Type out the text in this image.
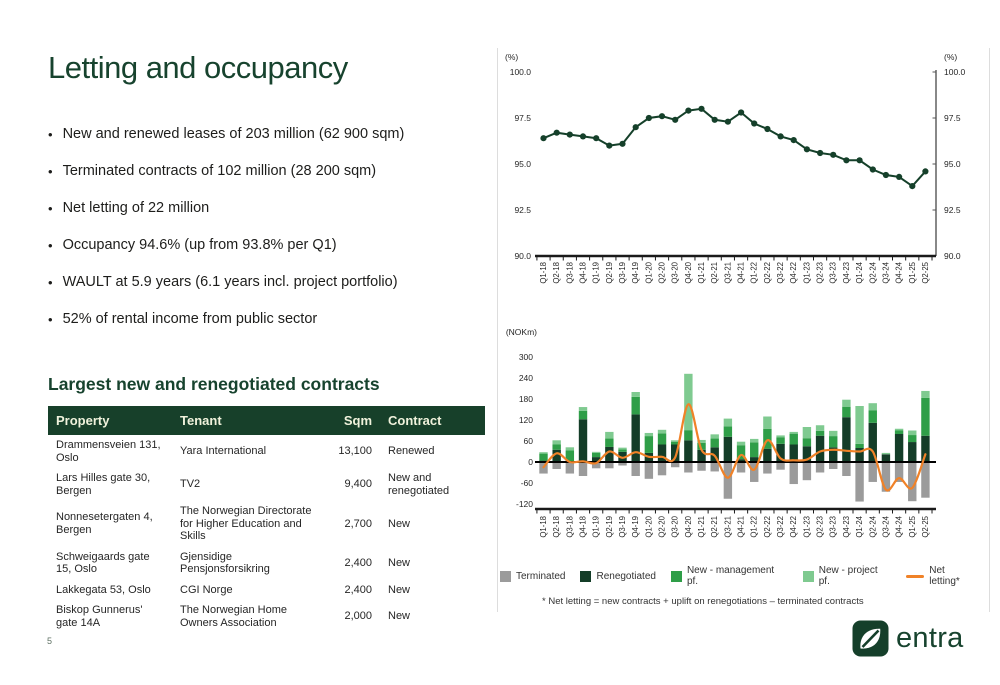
Letting and occupancy
• New and renewed leases of 203 million (62 900 sqm)
• Terminated contracts of 102 million (28 200 sqm)
• Net letting of 22 million
• Occupancy 94.6% (up from 93.8% per Q1)
• WAULT at 5.9 years (6.1 years incl. project portfolio)
• 52% of rental income from public sector
Largest new and renegotiated contracts
Property	Tenant	Sqm	Contract
Drammensveien 131, Oslo	Yara International	13,100	Renewed
Lars Hilles gate 30, Bergen	TV2	9,400	New and renegotiated
Nonnesetergaten 4, Bergen	The Norwegian Directorate for Higher Education and Skills	2,700	New
Schweigaards gate 15, Oslo	Gjensidige Pensjonsforsikring	2,400	New
Lakkegata 53, Oslo	CGI Norge	2,400	New
Biskop Gunnerus' gate 14A	The Norwegian Home Owners Association	2,000	New
(%)	(%)
90.0	90.0
92.5	92.5
95.0	95.0
97.5	97.5
100.0	100.0
Q1-18 Q2-18 Q3-18 Q4-18 Q1-19 Q2-19 Q3-19 Q4-19 Q1-20 Q2-20 Q3-20 Q4-20 Q1-21 Q2-21 Q3-21 Q4-21 Q1-22 Q2-22 Q3-22 Q4-22 Q1-23 Q2-23 Q3-23 Q4-23 Q1-24 Q2-24 Q3-24 Q4-24 Q1-25 Q2-25
(NOKm)
300
240
180
120
60
0
-60
-120
Q1-18 Q2-18 Q3-18 Q4-18 Q1-19 Q2-19 Q3-19 Q4-19 Q1-20 Q2-20 Q3-20 Q4-20 Q1-21 Q2-21 Q3-21 Q4-21 Q1-22 Q2-22 Q3-22 Q4-22 Q1-23 Q2-23 Q3-23 Q4-23 Q1-24 Q2-24 Q3-24 Q4-24 Q1-25 Q2-25
Terminated	Renegotiated	New - management pf.
New - project pf.
Net letting*
* Net letting = new contracts + uplift on renegotiations – terminated contracts
entra
5
